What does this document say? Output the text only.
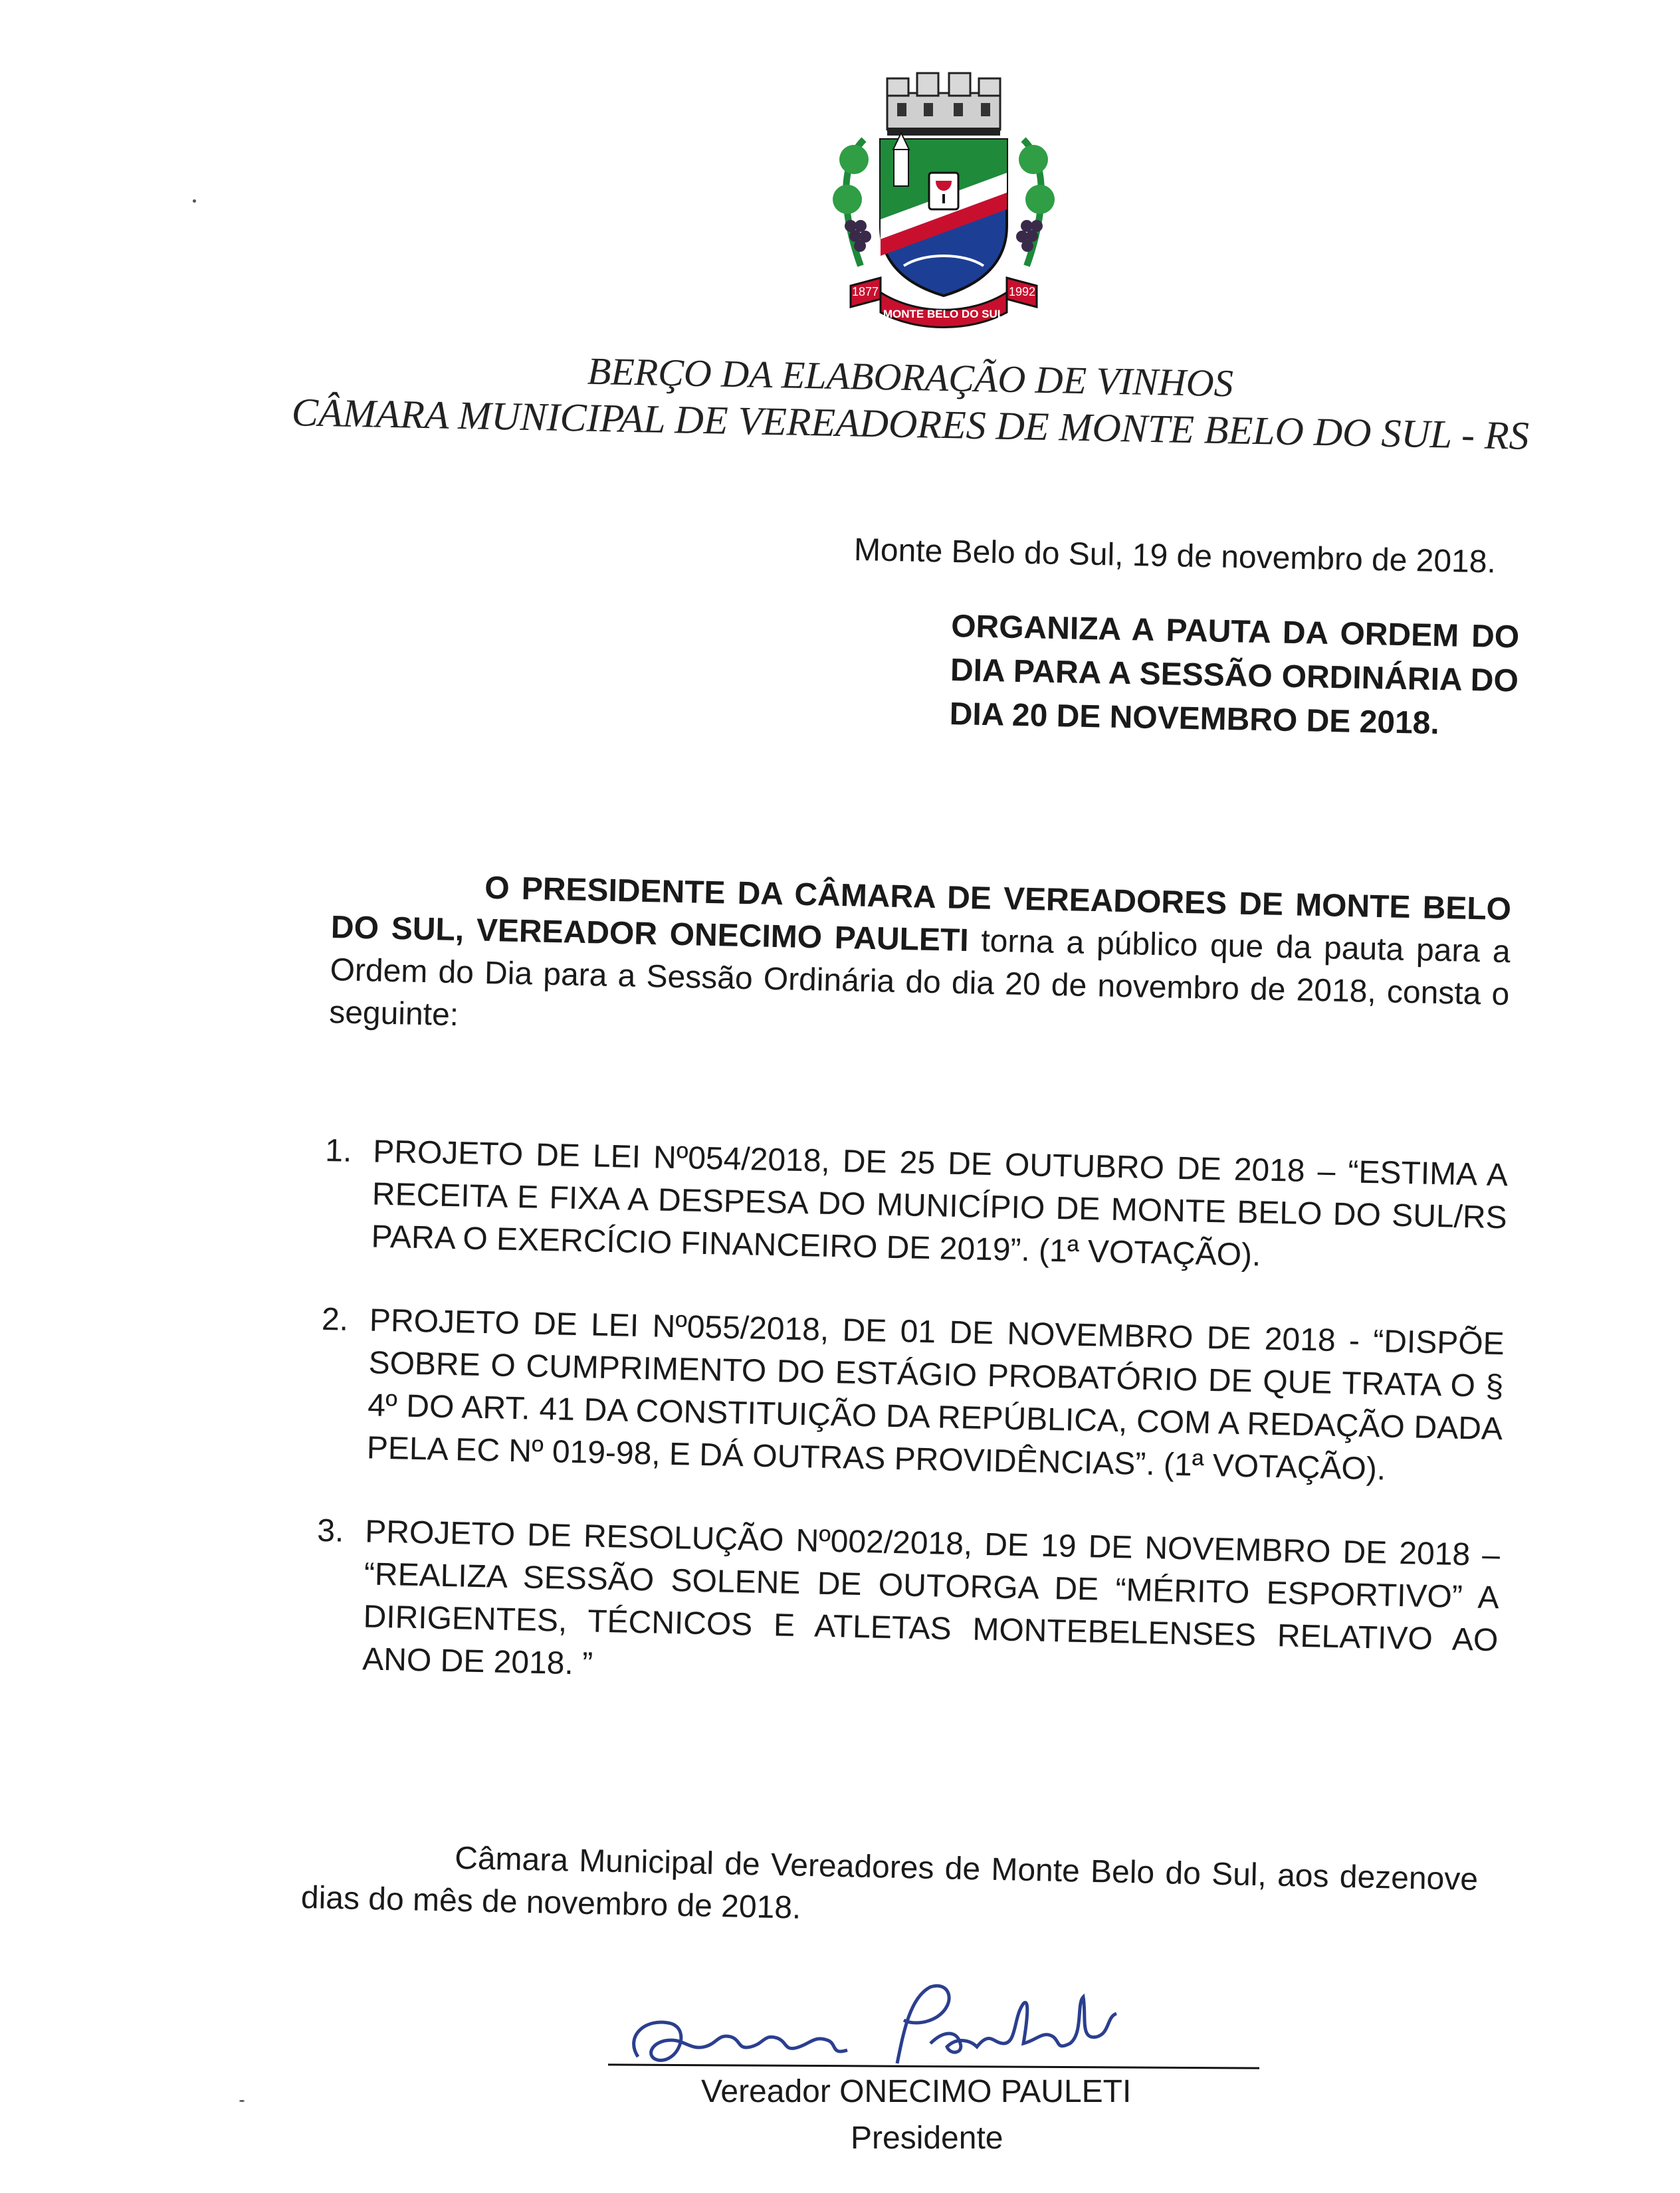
1877	1992
MONTE BELO DO SUL
BERÇO DA ELABORAÇÃO DE VINHOS
CÂMARA MUNICIPAL DE VEREADORES DE MONTE BELO DO SUL - RS
Monte Belo do Sul, 19 de novembro de 2018.
ORGANIZA A PAUTA DA ORDEM DO DIA PARA A SESSÃO ORDINÁRIA DO DIA 20 DE NOVEMBRO DE 2018.
O PRESIDENTE DA CÂMARA DE VEREADORES DE MONTE BELO DO SUL, VEREADOR ONECIMO PAULETI torna a público que da pauta para a Ordem do Dia para a Sessão Ordinária do dia 20 de novembro de 2018, consta o seguinte:
1. PROJETO DE LEI Nº054/2018, DE 25 DE OUTUBRO DE 2018 – “ESTIMA A RECEITA E FIXA A DESPESA DO MUNICÍPIO DE MONTE BELO DO SUL/RS PARA O EXERCÍCIO FINANCEIRO DE 2019”. (1ª VOTAÇÃO).
2. PROJETO DE LEI Nº055/2018, DE 01 DE NOVEMBRO DE 2018 - “DISPÕE SOBRE O CUMPRIMENTO DO ESTÁGIO PROBATÓRIO DE QUE TRATA O § 4º DO ART. 41 DA CONSTITUIÇÃO DA REPÚBLICA, COM A REDAÇÃO DADA PELA EC Nº 019-98, E DÁ OUTRAS PROVIDÊNCIAS”. (1ª VOTAÇÃO).
3. PROJETO DE RESOLUÇÃO Nº002/2018, DE 19 DE NOVEMBRO DE 2018 – “REALIZA SESSÃO SOLENE DE OUTORGA DE “MÉRITO ESPORTIVO” A DIRIGENTES, TÉCNICOS E ATLETAS MONTEBELENSES RELATIVO AO ANO DE 2018. ”
Câmara Municipal de Vereadores de Monte Belo do Sul, aos dezenove dias do mês de novembro de 2018.
Vereador ONECIMO PAULETI
Presidente
